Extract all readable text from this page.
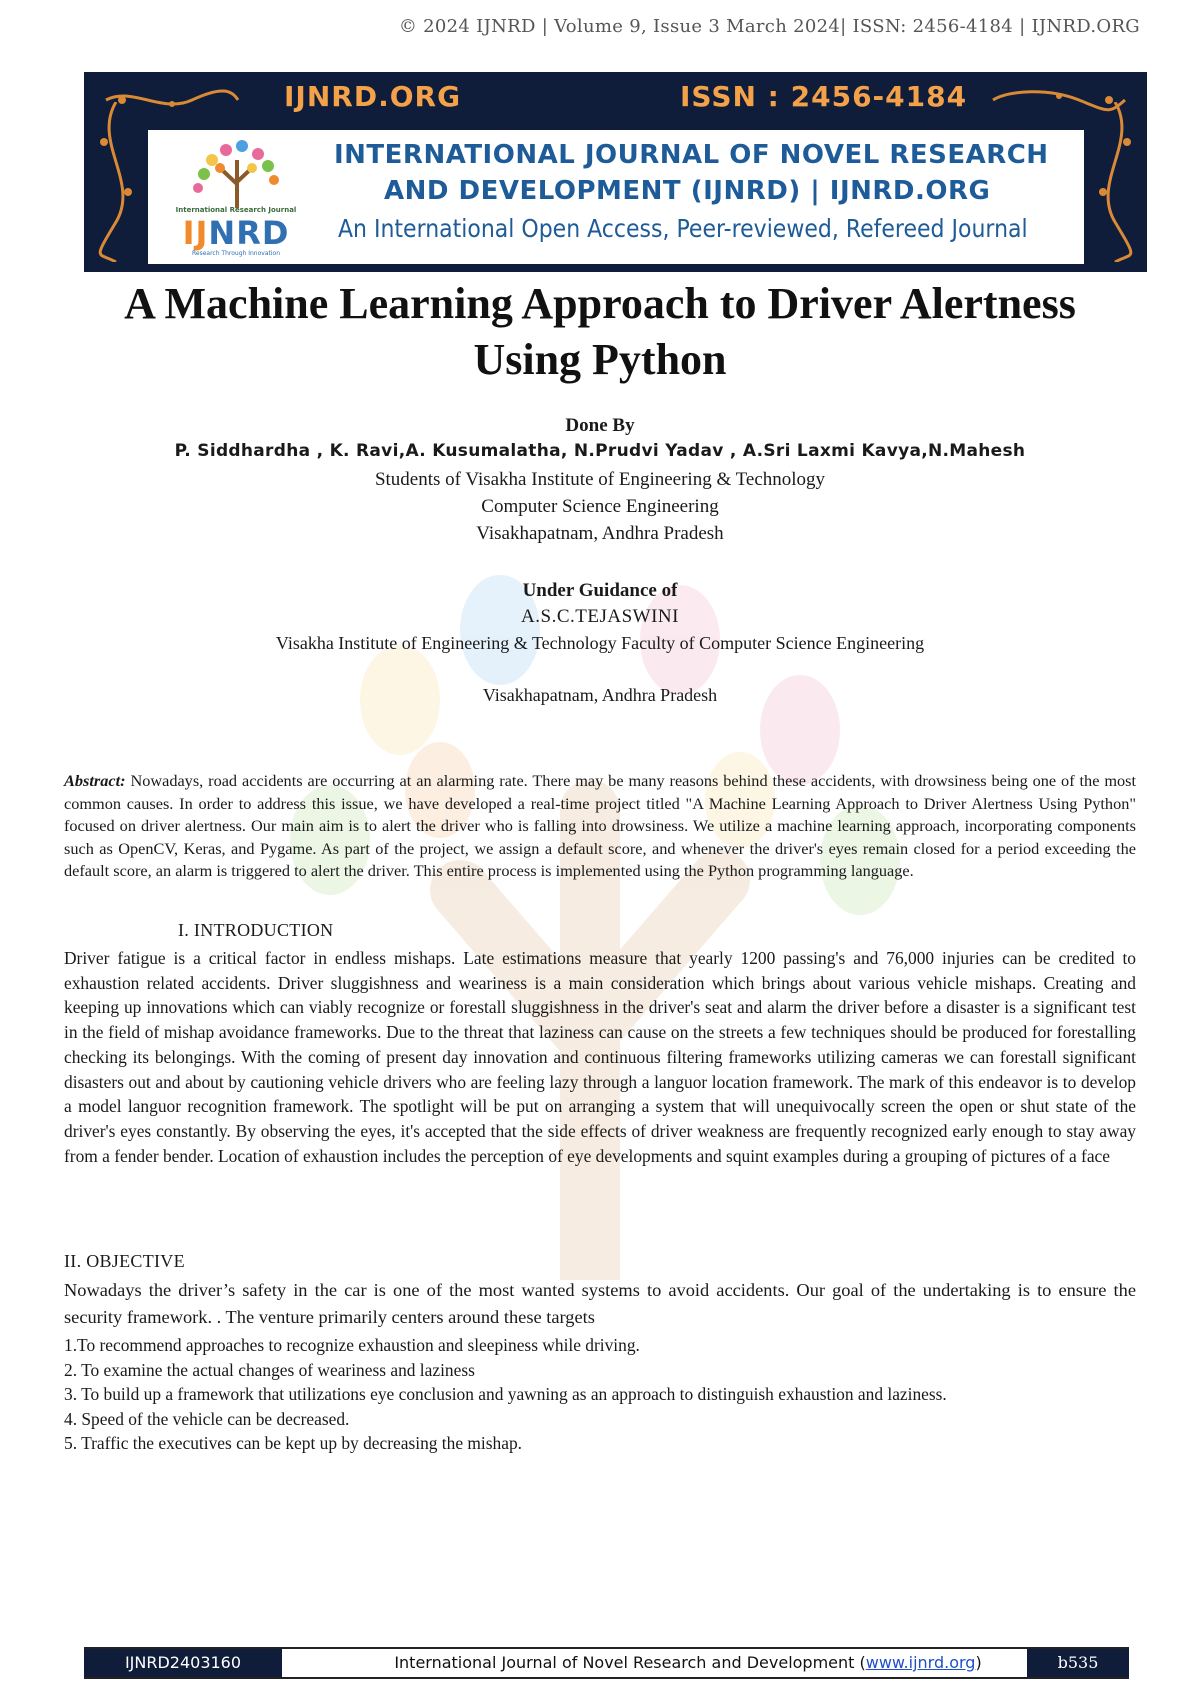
© 2024 IJNRD | Volume 9, Issue 3 March 2024| ISSN: 2456-4184 | IJNRD.ORG
IJNRD.ORG	ISSN : 2456-4184
International Research Journal
IJNRD
Research Through Innovation
INTERNATIONAL JOURNAL OF NOVEL RESEARCH
AND DEVELOPMENT (IJNRD) | IJNRD.ORG
An International Open Access, Peer-reviewed, Refereed Journal
A Machine Learning Approach to Driver Alertness
Using Python
Done By
P. Siddhardha , K. Ravi,A. Kusumalatha, N.Prudvi Yadav , A.Sri Laxmi Kavya,N.Mahesh
Students of Visakha Institute of Engineering & Technology
Computer Science Engineering
Visakhapatnam, Andhra Pradesh
Under Guidance of
A.S.C.TEJASWINI
Visakha Institute of Engineering & Technology Faculty of Computer Science Engineering
Visakhapatnam, Andhra Pradesh
Abstract: Nowadays, road accidents are occurring at an alarming rate. There may be many reasons behind these accidents, with drowsiness being one of the most common causes. In order to address this issue, we have developed a real-time project titled "A Machine Learning Approach to Driver Alertness Using Python" focused on driver alertness. Our main aim is to alert the driver who is falling into drowsiness. We utilize a machine learning approach, incorporating components such as OpenCV, Keras, and Pygame. As part of the project, we assign a default score, and whenever the driver's eyes remain closed for a period exceeding the default score, an alarm is triggered to alert the driver. This entire process is implemented using the Python programming language.
I. INTRODUCTION
Driver fatigue is a critical factor in endless mishaps. Late estimations measure that yearly 1200 passing's and 76,000 injuries can be credited to exhaustion related accidents. Driver sluggishness and weariness is a main consideration which brings about various vehicle mishaps. Creating and keeping up innovations which can viably recognize or forestall sluggishness in the driver's seat and alarm the driver before a disaster is a significant test in the field of mishap avoidance frameworks. Due to the threat that laziness can cause on the streets a few techniques should be produced for forestalling checking its belongings. With the coming of present day innovation and continuous filtering frameworks utilizing cameras we can forestall significant disasters out and about by cautioning vehicle drivers who are feeling lazy through a languor location framework. The mark of this endeavor is to develop a model languor recognition framework. The spotlight will be put on arranging a system that will unequivocally screen the open or shut state of the driver's eyes constantly. By observing the eyes, it's accepted that the side effects of driver weakness are frequently recognized early enough to stay away from a fender bender. Location of exhaustion includes the perception of eye developments and squint examples during a grouping of pictures of a face
II. OBJECTIVE
Nowadays the driver’s safety in the car is one of the most wanted systems to avoid accidents. Our goal of the undertaking is to ensure the security framework. . The venture primarily centers around these targets
1.To recommend approaches to recognize exhaustion and sleepiness while driving.
2. To examine the actual changes of weariness and laziness
3. To build up a framework that utilizations eye conclusion and yawning as an approach to distinguish exhaustion and laziness.
4. Speed of the vehicle can be decreased.
5. Traffic the executives can be kept up by decreasing the mishap.
IJNRD2403160	International Journal of Novel Research and Development (www.ijnrd.org)	b535
